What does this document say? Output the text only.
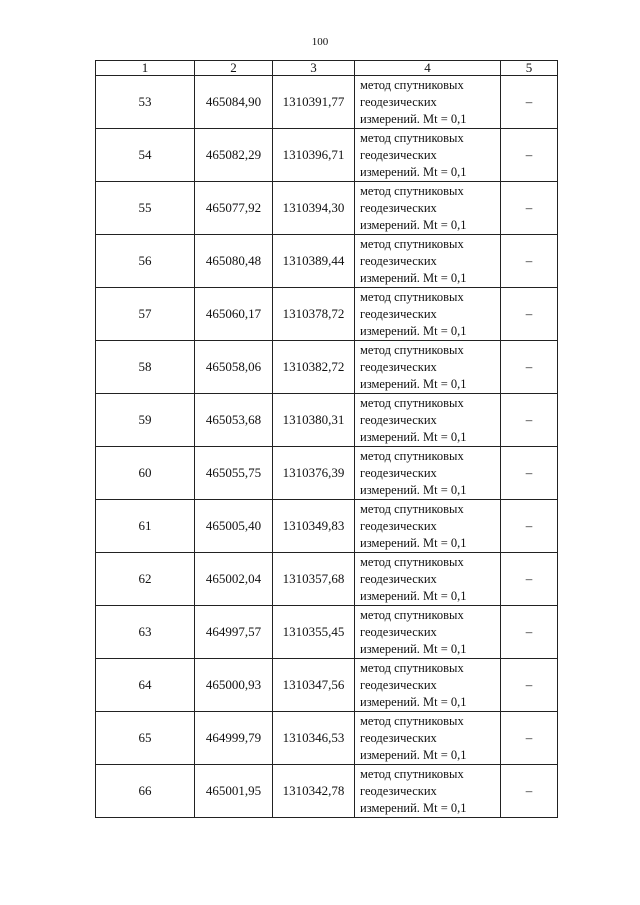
100
1	2	3	4	5
53	465084,90	1310391,77	метод спутниковых
геодезических
измерений. Mt = 0,1	–
54	465082,29	1310396,71	метод спутниковых
геодезических
измерений. Mt = 0,1	–
55	465077,92	1310394,30	метод спутниковых
геодезических
измерений. Mt = 0,1	–
56	465080,48	1310389,44	метод спутниковых
геодезических
измерений. Mt = 0,1	–
57	465060,17	1310378,72	метод спутниковых
геодезических
измерений. Mt = 0,1	–
58	465058,06	1310382,72	метод спутниковых
геодезических
измерений. Mt = 0,1	–
59	465053,68	1310380,31	метод спутниковых
геодезических
измерений. Mt = 0,1	–
60	465055,75	1310376,39	метод спутниковых
геодезических
измерений. Mt = 0,1	–
61	465005,40	1310349,83	метод спутниковых
геодезических
измерений. Mt = 0,1	–
62	465002,04	1310357,68	метод спутниковых
геодезических
измерений. Mt = 0,1	–
63	464997,57	1310355,45	метод спутниковых
геодезических
измерений. Mt = 0,1	–
64	465000,93	1310347,56	метод спутниковых
геодезических
измерений. Mt = 0,1	–
65	464999,79	1310346,53	метод спутниковых
геодезических
измерений. Mt = 0,1	–
66	465001,95	1310342,78	метод спутниковых
геодезических
измерений. Mt = 0,1	–
